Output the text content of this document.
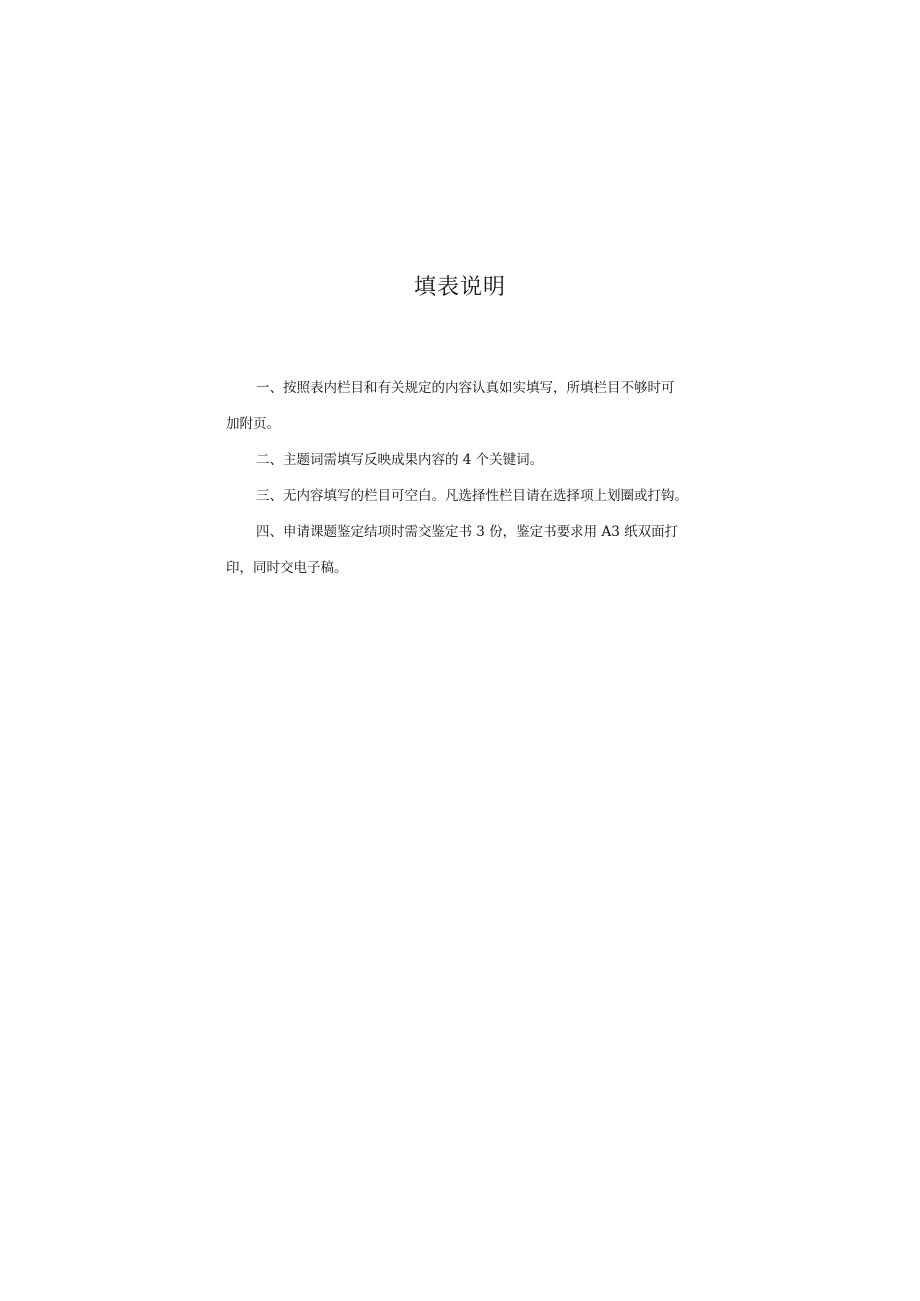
填表说明

一、按照表内栏目和有关规定的内容认真如实填写，所填栏目不够时可
加附页。

二、主题词需填写反映成果内容的 4 个关键词。

三、无内容填写的栏目可空白。凡选择性栏目请在选择项上划圈或打钩。

四、申请课题鉴定结项时需交鉴定书 3 份，鉴定书要求用 A3 纸双面打
印，同时交电子稿。
